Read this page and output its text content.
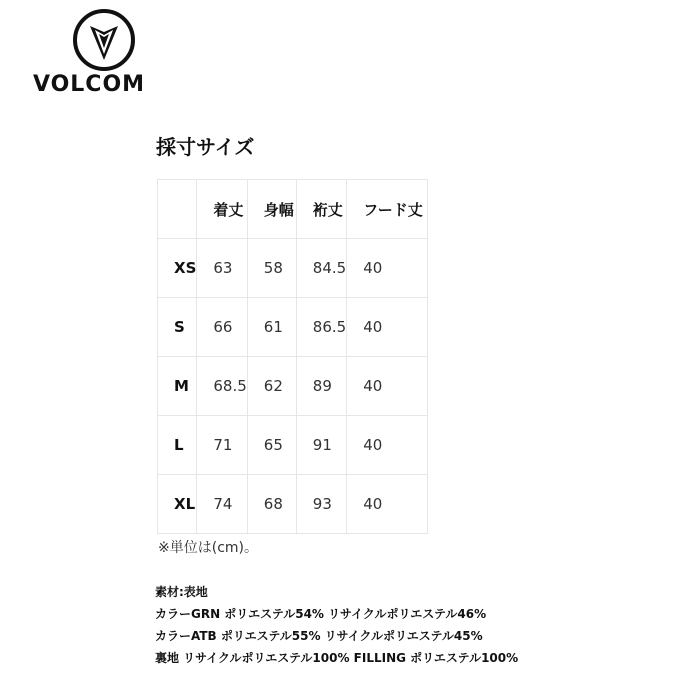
VOLCOM
採寸サイズ
	着丈	身幅	裄丈	フード丈
XS	63	58	84.5	40
S	66	61	86.5	40
M	68.5	62	89	40
L	71	65	91	40
XL	74	68	93	40
※単位は(cm)。
素材:表地
カラーGRN ポリエステル54% リサイクルポリエステル46%
カラーATB ポリエステル55% リサイクルポリエステル45%
裏地 リサイクルポリエステル100% FILLING ポリエステル100%
